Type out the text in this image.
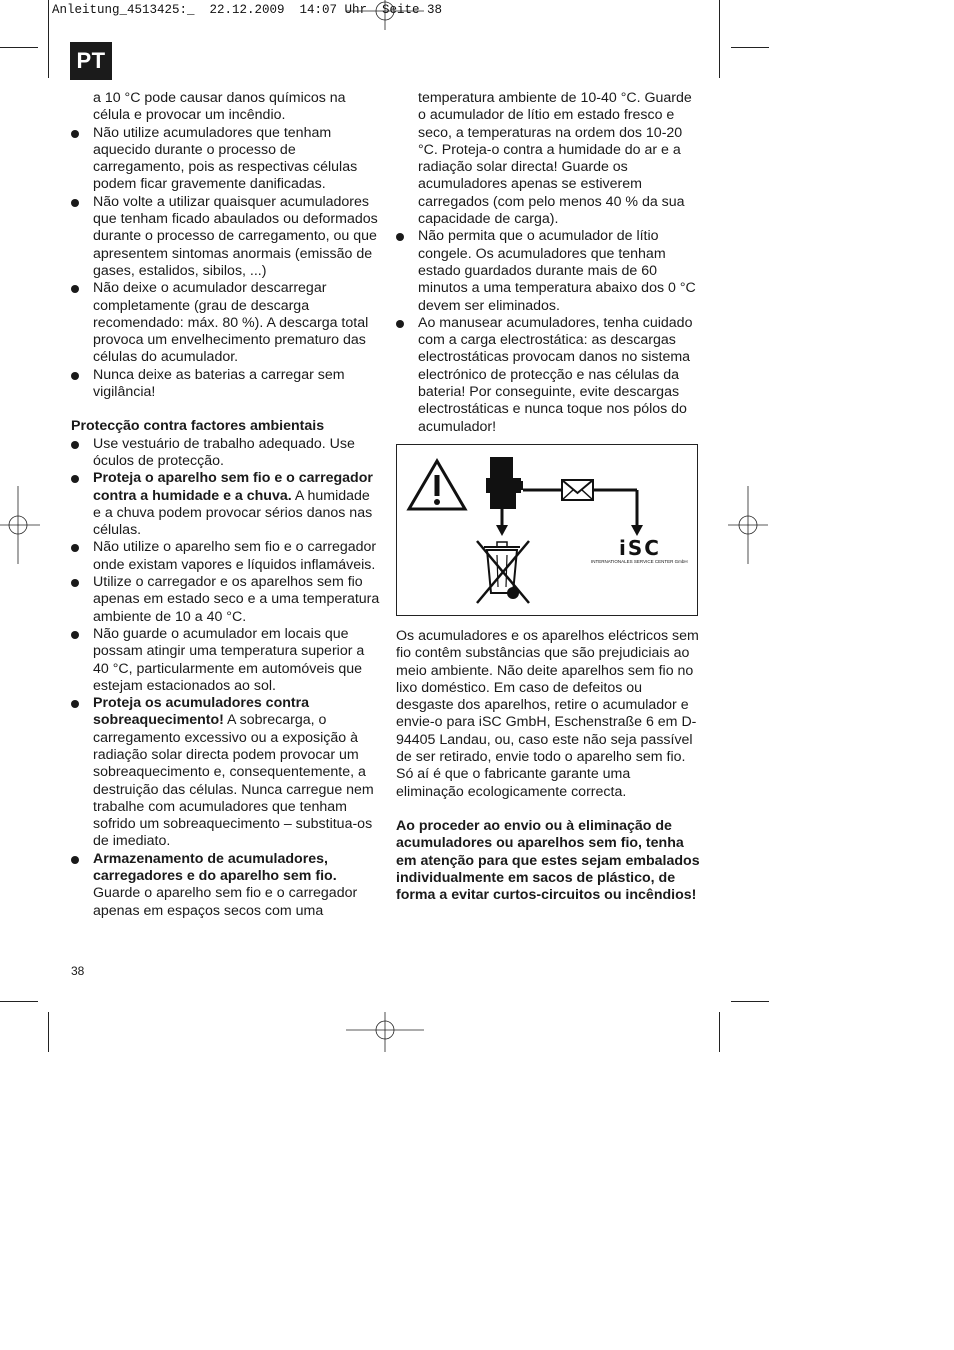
Anleitung_4513425:_  22.12.2009  14:07 Uhr  Seite 38
PT
a 10 °C pode causar danos químicos na célula e provocar um incêndio.
Não utilize acumuladores que tenham aquecido durante o processo de carregamento, pois as respectivas células podem ficar gravemente danificadas.
Não volte a utilizar quaisquer acumuladores que tenham ficado abaulados ou deformados durante o processo de carregamento, ou que apresentem sintomas anormais (emissão de gases, estalidos, sibilos, ...)
Não deixe o acumulador descarregar completamente (grau de descarga recomendado: máx. 80 %). A descarga total provoca um envelhecimento prematuro das células do acumulador.
Nunca deixe as baterias a carregar sem vigilância!
Protecção contra factores ambientais
Use vestuário de trabalho adequado. Use óculos de protecção.
Proteja o aparelho sem fio e o carregador contra a humidade e a chuva. A humidade e a chuva podem provocar sérios danos nas células.
Não utilize o aparelho sem fio e o carregador onde existam vapores e líquidos inflamáveis.
Utilize o carregador e os aparelhos sem fio apenas em estado seco e a uma temperatura ambiente de 10 a 40 °C.
Não guarde o acumulador em locais que possam atingir uma temperatura superior a 40 °C, particularmente em automóveis que estejam estacionados ao sol.
Proteja os acumuladores contra sobreaquecimento! A sobrecarga, o carregamento excessivo ou a exposição à radiação solar directa podem provocar um sobreaquecimento e, consequentemente, a destruição das células. Nunca carregue nem trabalhe com acumuladores que tenham sofrido um sobreaquecimento – substitua-os de imediato.
Armazenamento de acumuladores, carregadores e do aparelho sem fio. Guarde o aparelho sem fio e o carregador apenas em espaços secos com uma
temperatura ambiente de 10-40 °C. Guarde o acumulador de lítio em estado fresco e seco, a temperaturas na ordem dos 10-20 °C. Proteja-o contra a humidade do ar e a radiação solar directa! Guarde os acumuladores apenas se estiverem carregados (com pelo menos 40 % da sua capacidade de carga).
Não permita que o acumulador de lítio congele. Os acumuladores que tenham estado guardados durante mais de 60 minutos a uma temperatura abaixo dos 0 °C devem ser eliminados.
Ao manusear acumuladores, tenha cuidado com a carga electrostática: as descargas electrostáticas provocam danos no sistema electrónico de protecção e nas células da bateria! Por conseguinte, evite descargas electrostáticas e nunca toque nos pólos do acumulador!
iSC
INTERNATIONALES SERVICE CENTER GmbH

Os acumuladores e os aparelhos eléctricos sem fio contêm substâncias que são prejudiciais ao meio ambiente. Não deite aparelhos sem fio no lixo doméstico. Em caso de defeitos ou desgaste dos aparelhos, retire o acumulador e envie-o para iSC GmbH, Eschenstraße 6 em D-94405 Landau, ou, caso este não seja passível de ser retirado, envie todo o aparelho sem fio. Só aí é que o fabricante garante uma eliminação ecologicamente correcta.

Ao proceder ao envio ou à eliminação de acumuladores ou aparelhos sem fio, tenha em atenção para que estes sejam embalados individualmente em sacos de plástico, de forma a evitar curtos-circuitos ou incêndios!

38
